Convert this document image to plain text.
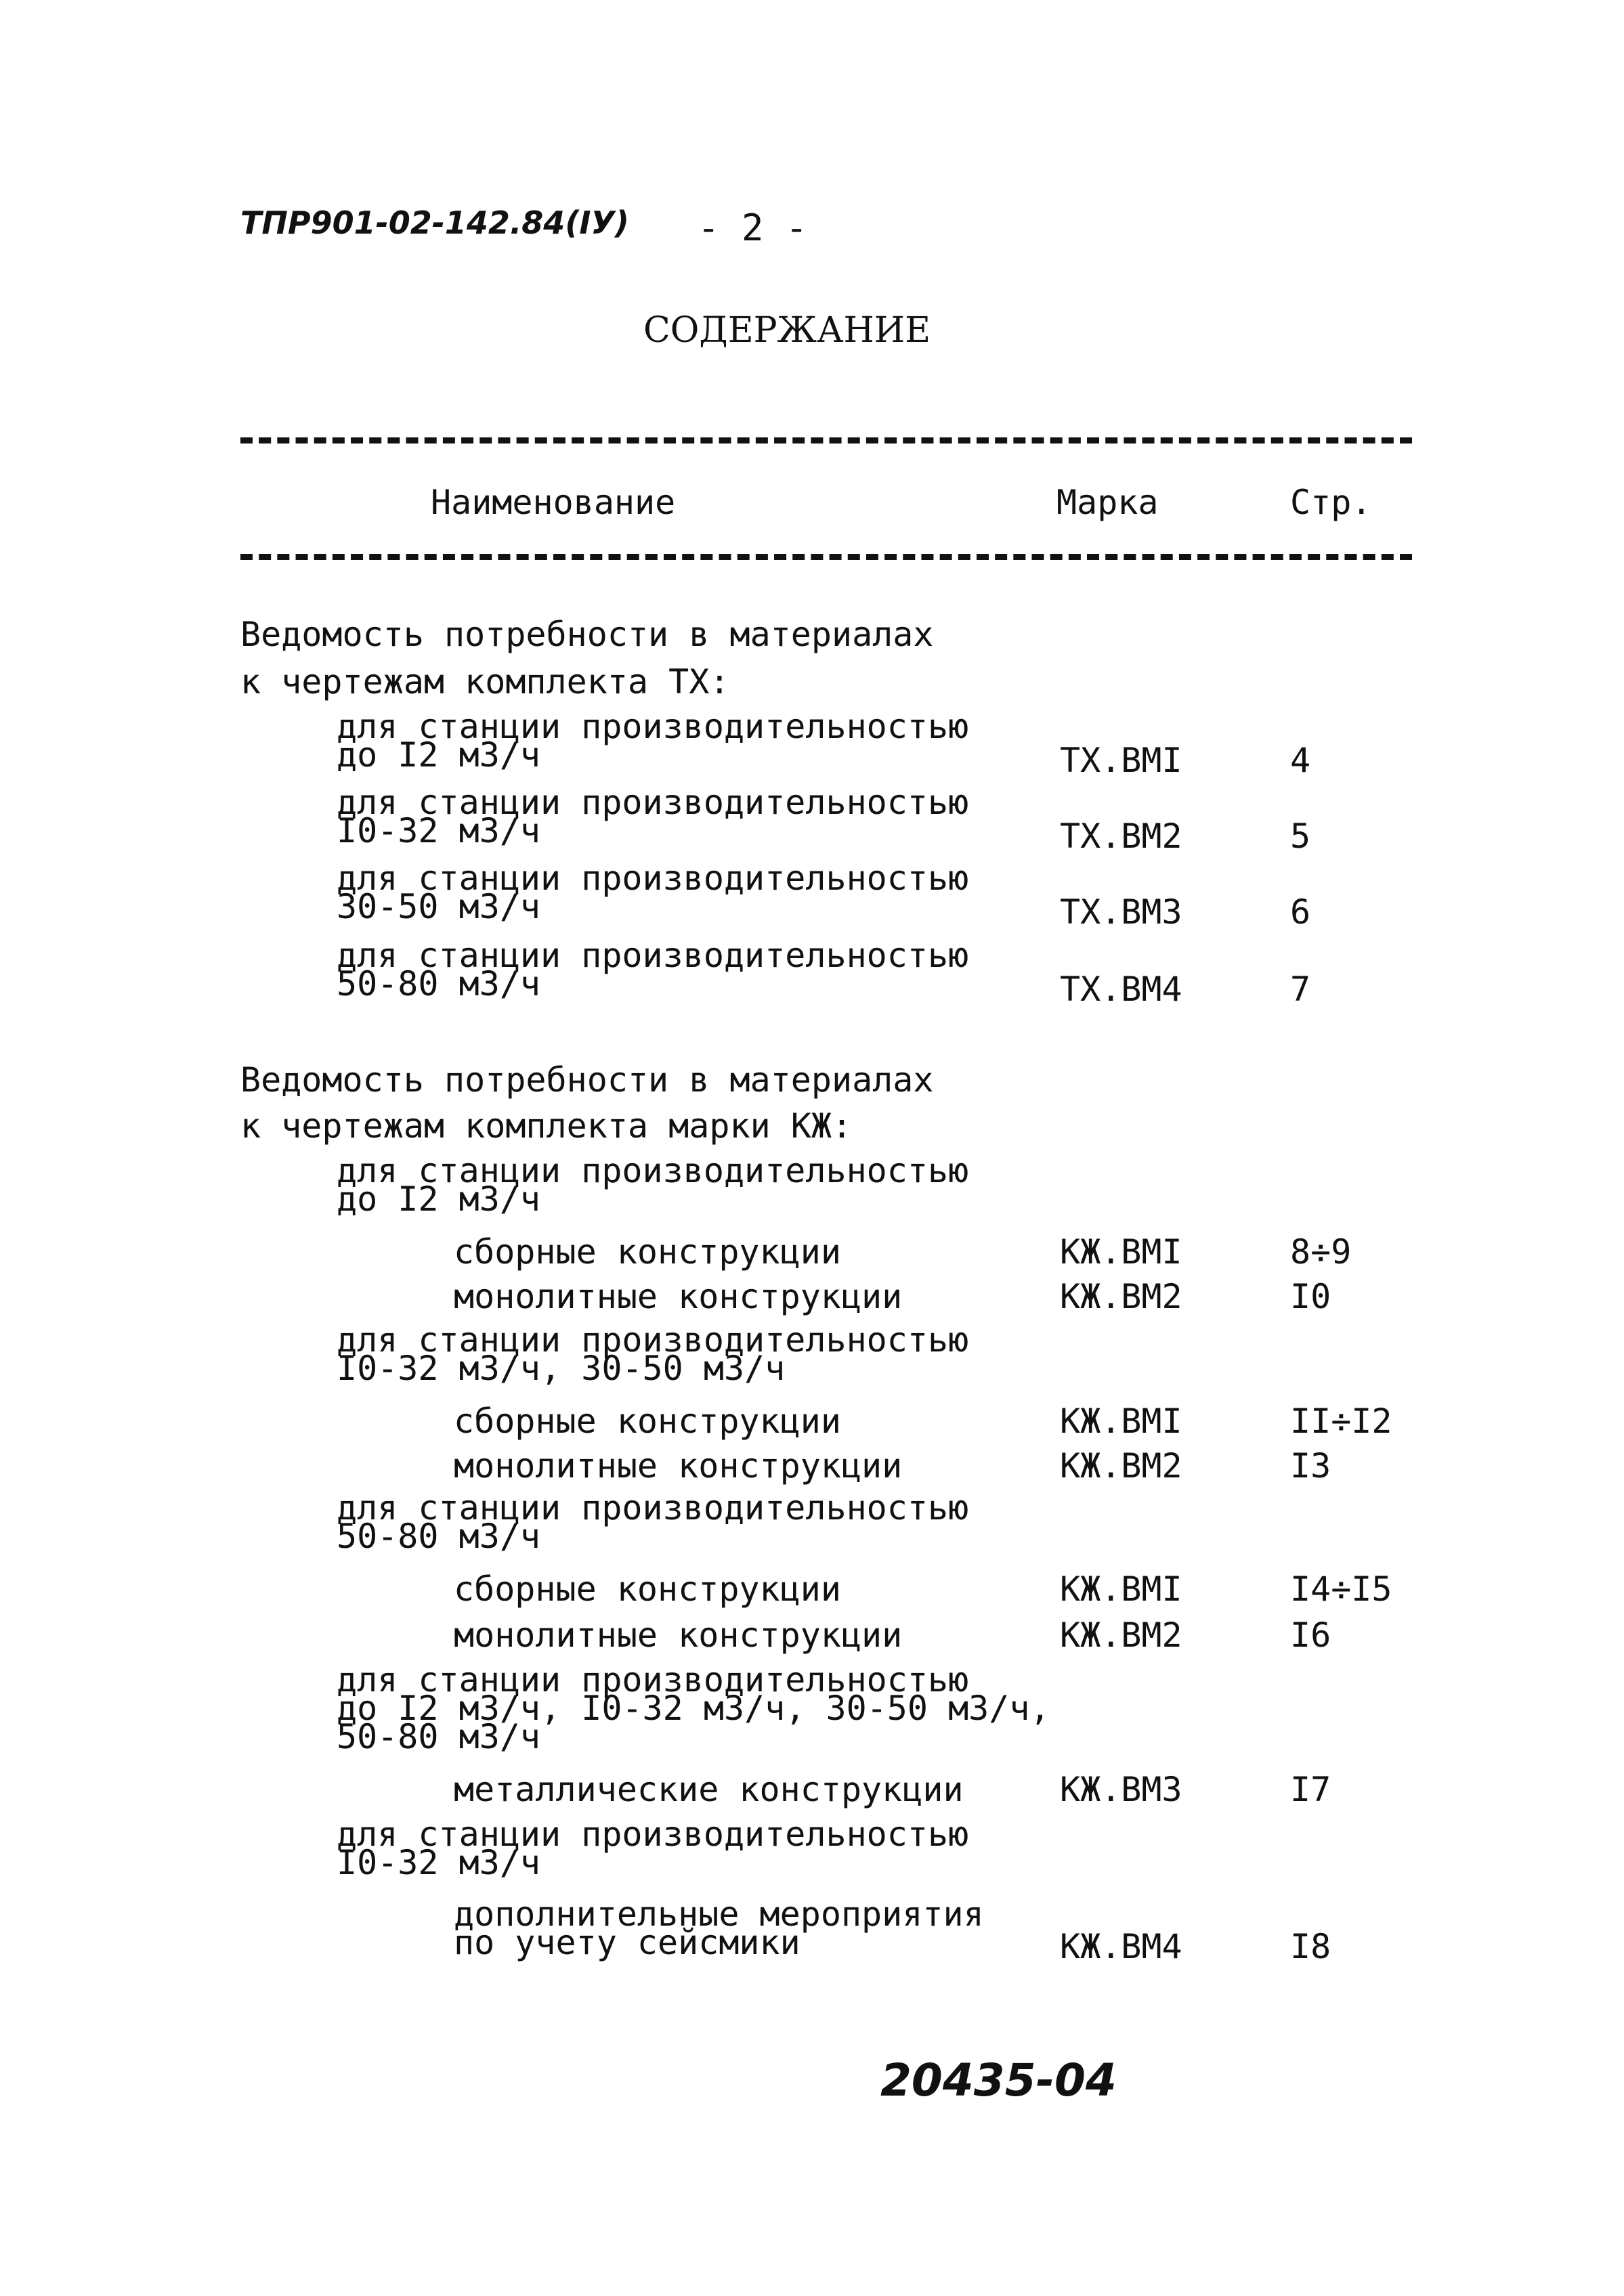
ТПР901-02-142.84(IУ) - 2 -
СОДЕРЖАНИЕ
Наименование	Марка	Стр.
Ведомость потребности в материалах
к чертежам комплекта ТХ:
для станции производительностью
до I2 м3/ч	ТХ.ВМI	4
для станции производительностью
I0-32 м3/ч	ТХ.ВМ2	5
для станции производительностью
30-50 м3/ч	ТХ.ВМ3	6
для станции производительностью
50-80 м3/ч	ТХ.ВМ4	7
Ведомость потребности в материалах
к чертежам комплекта марки КЖ:
для станции производительностью
до I2 м3/ч
сборные конструкции	КЖ.ВМI	8÷9
монолитные конструкции	КЖ.ВМ2	I0
для станции производительностью
I0-32 м3/ч, 30-50 м3/ч
сборные конструкции	КЖ.ВМI	II÷I2
монолитные конструкции	КЖ.ВМ2	I3
для станции производительностью
50-80 м3/ч
сборные конструкции	КЖ.ВМI	I4÷I5
монолитные конструкции	КЖ.ВМ2	I6
для станции производительностью
до I2 м3/ч, I0-32 м3/ч, 30-50 м3/ч,
50-80 м3/ч
металлические конструкции	КЖ.ВМ3	I7
для станции производительностью
I0-32 м3/ч
дополнительные мероприятия
по учету сейсмики	КЖ.ВМ4	I8
20435-04
